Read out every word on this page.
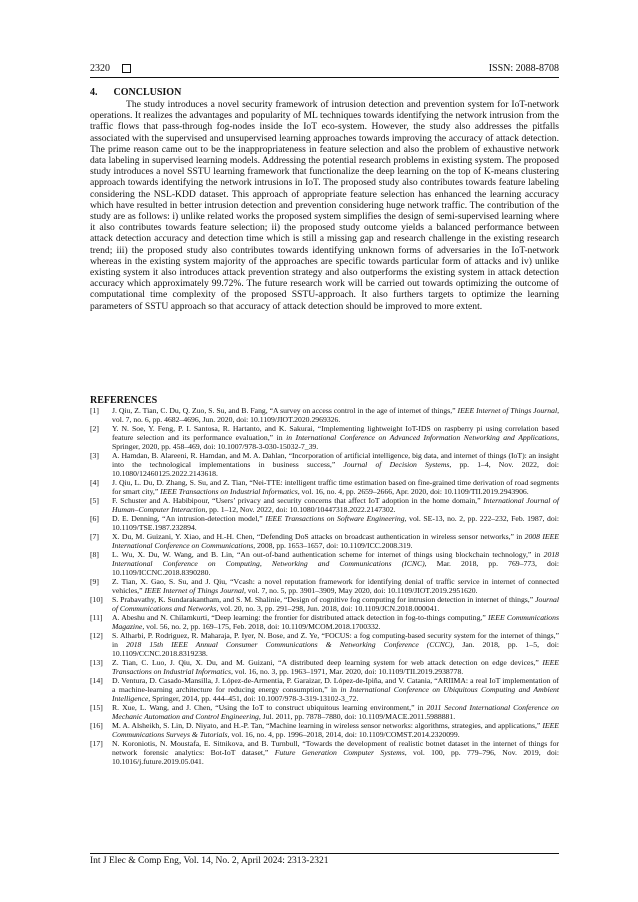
2320	ISSN: 2088-8708
4. CONCLUSION

The study introduces a novel security framework of intrusion detection and prevention system for IoT-network operations. It realizes the advantages and popularity of ML techniques towards identifying the network intrusion from the traffic flows that pass-through fog-nodes inside the IoT eco-system. However, the study also addresses the pitfalls associated with the supervised and unsupervised learning approaches towards improving the accuracy of attack detection. The prime reason came out to be the inappropriateness in feature selection and also the problem of exhaustive network data labeling in supervised learning models. Addressing the potential research problems in existing system. The proposed study introduces a novel SSTU learning framework that functionalize the deep learning on the top of K-means clustering approach towards identifying the network intrusions in IoT. The proposed study also contributes towards feature labeling considering the NSL-KDD dataset. This approach of appropriate feature selection has enhanced the learning accuracy which have resulted in better intrusion detection and prevention considering huge network traffic. The contribution of the study are as follows: i) unlike related works the proposed system simplifies the design of semi-supervised learning where it also contributes towards feature selection; ii) the proposed study outcome yields a balanced performance between attack detection accuracy and detection time which is still a missing gap and research challenge in the existing research trend; iii) the proposed study also contributes towards identifying unknown forms of adversaries in the IoT-network whereas in the existing system majority of the approaches are specific towards particular form of attacks and iv) unlike existing system it also introduces attack prevention strategy and also outperforms the existing system in attack detection accuracy which approximately 99.72%. The future research work will be carried out towards optimizing the outcome of computational time complexity of the proposed SSTU-approach. It also furthers targets to optimize the learning parameters of SSTU approach so that accuracy of attack detection should be improved to more extent.

REFERENCES
[1]	J. Qiu, Z. Tian, C. Du, Q. Zuo, S. Su, and B. Fang, “A survey on access control in the age of internet of things,” IEEE Internet of Things Journal, vol. 7, no. 6, pp. 4682–4696, Jun. 2020, doi: 10.1109/JIOT.2020.2969326.
[2]	Y. N. Soe, Y. Feng, P. I. Santosa, R. Hartanto, and K. Sakurai, “Implementing lightweight IoT-IDS on raspberry pi using correlation based feature selection and its performance evaluation,” in in International Conference on Advanced Information Networking and Applications, Springer, 2020, pp. 458–469, doi: 10.1007/978-3-030-15032-7_39.
[3]	A. Hamdan, B. Alareeni, R. Hamdan, and M. A. Dahlan, “Incorporation of artificial intelligence, big data, and internet of things (IoT): an insight into the technological implementations in business success,” Journal of Decision Systems, pp. 1–4, Nov. 2022, doi: 10.1080/12460125.2022.2143618.
[4]	J. Qiu, L. Du, D. Zhang, S. Su, and Z. Tian, “Nei-TTE: intelligent traffic time estimation based on fine-grained time derivation of road segments for smart city,” IEEE Transactions on Industrial Informatics, vol. 16, no. 4, pp. 2659–2666, Apr. 2020, doi: 10.1109/TII.2019.2943906.
[5]	F. Schuster and A. Habibipour, “Users’ privacy and security concerns that affect IoT adoption in the home domain,” International Journal of Human–Computer Interaction, pp. 1–12, Nov. 2022, doi: 10.1080/10447318.2022.2147302.
[6]	D. E. Denning, “An intrusion-detection model,” IEEE Transactions on Software Engineering, vol. SE-13, no. 2, pp. 222–232, Feb. 1987, doi: 10.1109/TSE.1987.232894.
[7]	X. Du, M. Guizani, Y. Xiao, and H.-H. Chen, “Defending DoS attacks on broadcast authentication in wireless sensor networks,” in 2008 IEEE International Conference on Communications, 2008, pp. 1653–1657, doi: 10.1109/ICC.2008.319.
[8]	L. Wu, X. Du, W. Wang, and B. Lin, “An out-of-band authentication scheme for internet of things using blockchain technology,” in 2018 International Conference on Computing, Networking and Communications (ICNC), Mar. 2018, pp. 769–773, doi: 10.1109/ICCNC.2018.8390280.
[9]	Z. Tian, X. Gao, S. Su, and J. Qiu, “Vcash: a novel reputation framework for identifying denial of traffic service in internet of connected vehicles,” IEEE Internet of Things Journal, vol. 7, no. 5, pp. 3901–3909, May 2020, doi: 10.1109/JIOT.2019.2951620.
[10]	S. Prabavathy, K. Sundarakantham, and S. M. Shalinie, “Design of cognitive fog computing for intrusion detection in internet of things,” Journal of Communications and Networks, vol. 20, no. 3, pp. 291–298, Jun. 2018, doi: 10.1109/JCN.2018.000041.
[11]	A. Abeshu and N. Chilamkurti, “Deep learning: the frontier for distributed attack detection in fog-to-things computing,” IEEE Communications Magazine, vol. 56, no. 2, pp. 169–175, Feb. 2018, doi: 10.1109/MCOM.2018.1700332.
[12]	S. Alharbi, P. Rodriguez, R. Maharaja, P. Iyer, N. Bose, and Z. Ye, “FOCUS: a fog computing-based security system for the internet of things,” in 2018 15th IEEE Annual Consumer Communications & Networking Conference (CCNC), Jan. 2018, pp. 1–5, doi: 10.1109/CCNC.2018.8319238.
[13]	Z. Tian, C. Luo, J. Qiu, X. Du, and M. Guizani, “A distributed deep learning system for web attack detection on edge devices,” IEEE Transactions on Industrial Informatics, vol. 16, no. 3, pp. 1963–1971, Mar. 2020, doi: 10.1109/TII.2019.2938778.
[14]	D. Ventura, D. Casado-Mansilla, J. López-de-Armentia, P. Garaizar, D. López-de-Ipiña, and V. Catania, “ARIIMA: a real IoT implementation of a machine-learning architecture for reducing energy consumption,” in in International Conference on Ubiquitous Computing and Ambient Intelligence, Springer, 2014, pp. 444–451, doi: 10.1007/978-3-319-13102-3_72.
[15]	R. Xue, L. Wang, and J. Chen, “Using the IoT to construct ubiquitous learning environment,” in 2011 Second International Conference on Mechanic Automation and Control Engineering, Jul. 2011, pp. 7878–7880, doi: 10.1109/MACE.2011.5988881.
[16]	M. A. Alsheikh, S. Lin, D. Niyato, and H.-P. Tan, “Machine learning in wireless sensor networks: algorithms, strategies, and applications,” IEEE Communications Surveys & Tutorials, vol. 16, no. 4, pp. 1996–2018, 2014, doi: 10.1109/COMST.2014.2320099.
[17]	N. Koroniotis, N. Moustafa, E. Sitnikova, and B. Turnbull, “Towards the development of realistic botnet dataset in the internet of things for network forensic analytics: Bot-IoT dataset,” Future Generation Computer Systems, vol. 100, pp. 779–796, Nov. 2019, doi: 10.1016/j.future.2019.05.041.
Int J Elec & Comp Eng, Vol. 14, No. 2, April 2024: 2313-2321
